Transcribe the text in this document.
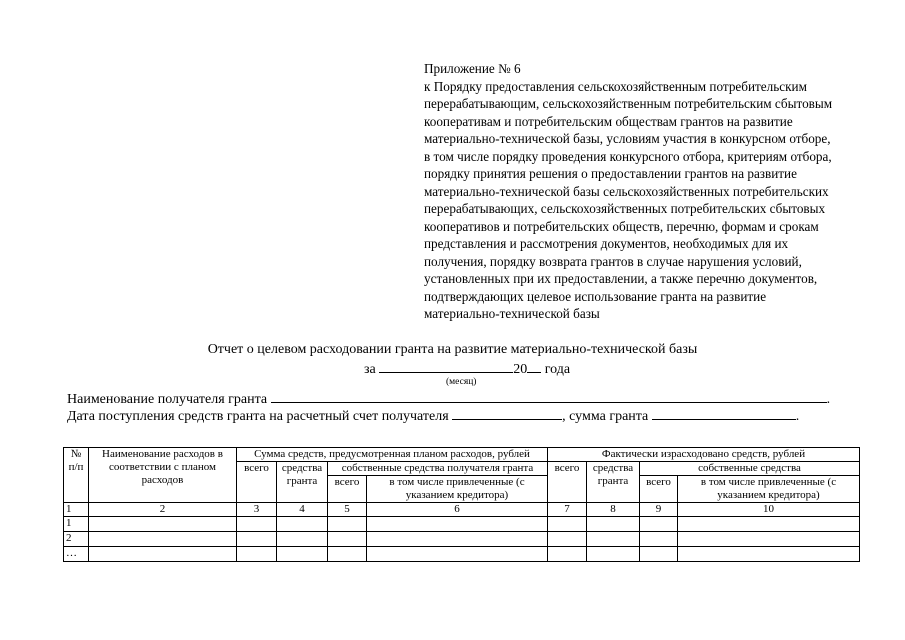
Приложение № 6
к Порядку предоставления сельскохозяйственным потребительским
перерабатывающим, сельскохозяйственным потребительским сбытовым
кооперативам и потребительским обществам грантов на развитие
материально-технической базы, условиям участия в конкурсном отборе,
в том числе порядку проведения конкурсного отбора, критериям отбора,
порядку принятия решения о предоставлении грантов на развитие
материально-технической базы сельскохозяйственных потребительских
перерабатывающих, сельскохозяйственных потребительских сбытовых
кооперативов и потребительских обществ, перечню, формам и срокам
представления и рассмотрения документов, необходимых для их
получения, порядку возврата грантов в случае нарушения условий,
установленных при их предоставлении, а также перечню документов,
подтверждающих целевое использование гранта на развитие
материально-технической базы
Отчет о целевом расходовании гранта на развитие материально-технической базы
за	20 года
(месяц)
Наименование получателя гранта	.
Дата поступления средств гранта на расчетный счет получателя	, сумма гранта	.
№ п/п	Наименование расходов в соответствии с планом расходов	Сумма средств, предусмотренная планом расходов, рублей				Фактически израсходовано средств, рублей			
		всего	средства гранта	собственные средства получателя гранта		всего	средства гранта	собственные средства	
				всего	в том числе привлеченные (с указанием кредитора)			всего	в том числе привлеченные (с указанием кредитора)
1	2	3	4	5	6	7	8	9	10
1									
2									
…									
